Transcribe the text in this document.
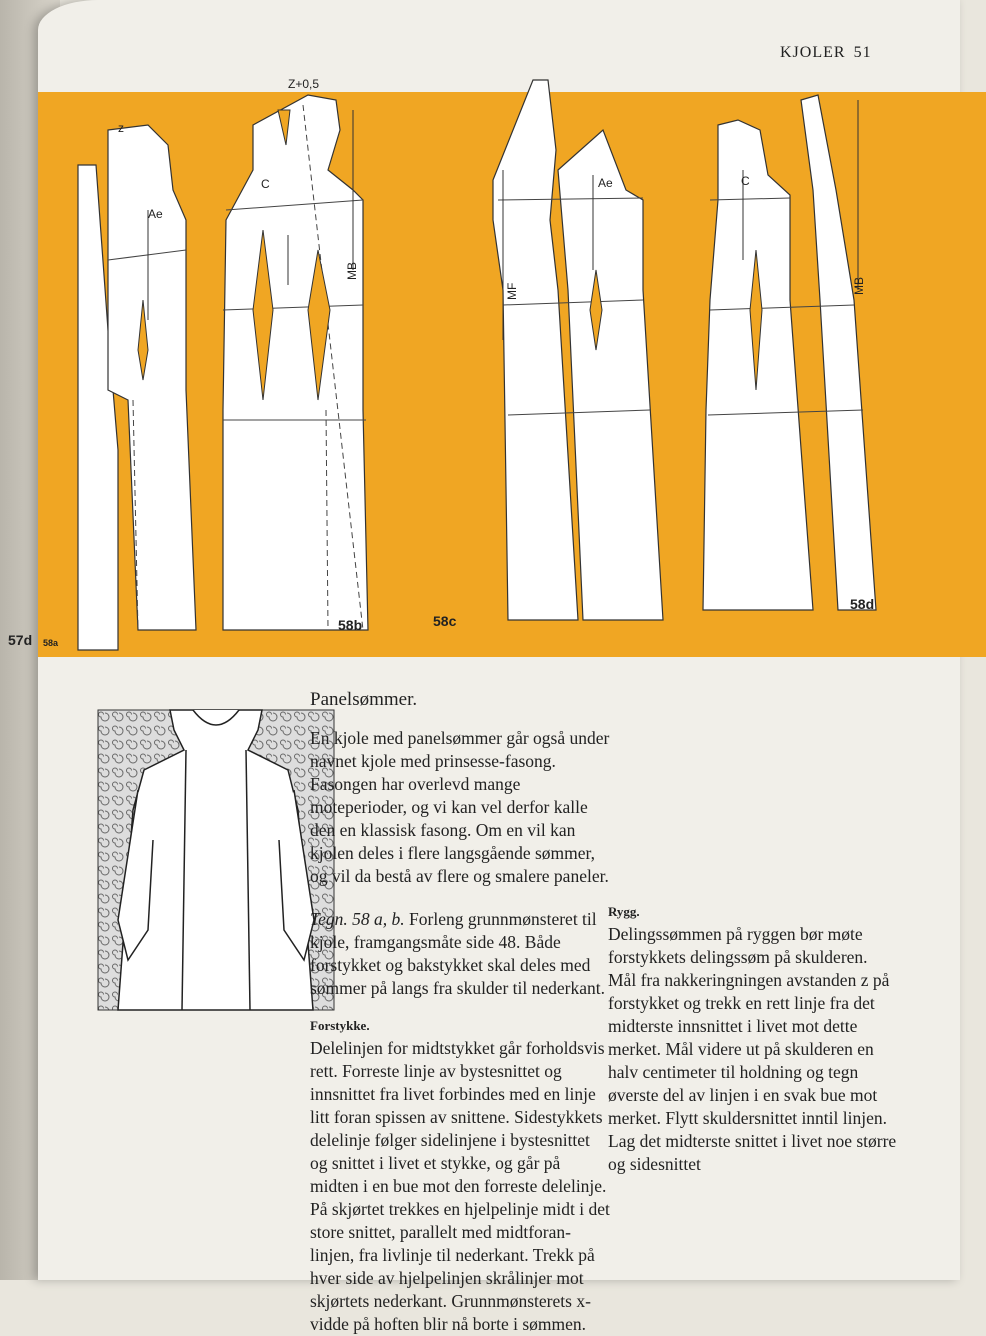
KJOLER 51
z
Z+0,5
Ae
C
MB
MF
Ae	C
MB
57d 58a
58b	58c
58d

Panelsømmer.

En kjole med panelsømmer går også under navnet kjole med prinsesse-fasong. Fasongen har overlevd mange moteperioder, og vi kan vel derfor kalle den en klassisk fasong. Om en vil kan kjolen deles i flere langsgående sømmer, og vil da bestå av flere og smalere paneler.

Tegn. 58 a, b. Forleng grunnmønsteret til kjole, framgangsmåte side 48. Både forstykket og bakstykket skal deles med sømmer på langs fra skulder til nederkant.

Forstykke.

Delelinjen for midtstykket går forholdsvis rett. Forreste linje av bystesnittet og innsnittet fra livet forbindes med en linje litt foran spissen av snittene. Sidestykkets delelinje følger sidelinjene i bystesnittet og snittet i livet et stykke, og går på midten i en bue mot den forreste delelinje. På skjørtet trekkes en hjelpelinje midt i det store snittet, parallelt med midtforan-linjen, fra livlinje til nederkant. Trekk på hver side av hjelpelinjen skrålinjer mot skjørtets nederkant. Grunnmønsterets x-vidde på hoften blir nå borte i sømmen.

Rygg.

Delingssømmen på ryggen bør møte forstykkets delingssøm på skulderen. Mål fra nakkeringningen avstanden z på forstykket og trekk en rett linje fra det midterste innsnittet i livet mot dette merket. Mål videre ut på skulderen en halv centimeter til holdning og tegn øverste del av linjen i en svak bue mot merket. Flytt skuldersnittet inntil linjen. Lag det midterste snittet i livet noe større og sidesnittet
